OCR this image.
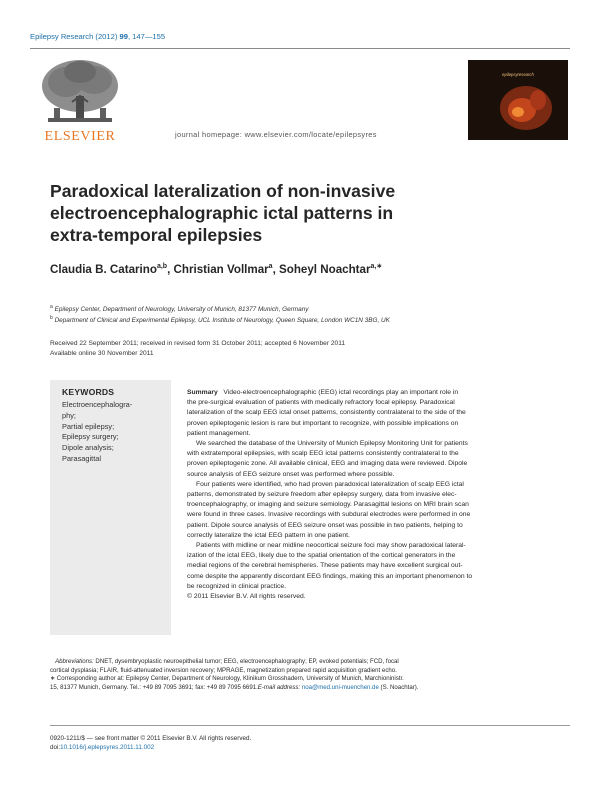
Epilepsy Research (2012) 99, 147—155
ELSEVIER	journal homepage: www.elsevier.com/locate/epilepsyres
epilepsyresearch
Paradoxical lateralization of non-invasive
electroencephalographic ictal patterns in
extra-temporal epilepsies
Claudia B. Catarino$^{a,b}$, Christian Vollmar$^a$, Soheyl Noachtar$^{a,∗}$
$^a$ Epilepsy Center, Department of Neurology, University of Munich, 81377 Munich, Germany
$^b$ Department of Clinical and Experimental Epilepsy, UCL Institute of Neurology, Queen Square, London WC1N 3BG, UK
Received 22 September 2011; received in revised form 31 October 2011; accepted 6 November 2011
Available online 30 November 2011
KEYWORDS
Electroencephalogra-
phy;
Partial epilepsy;
Epilepsy surgery;
Dipole analysis;
Parasagittal
Summary Video-electroencephalographic (EEG) ictal recordings play an important role in
the pre-surgical evaluation of patients with medically refractory focal epilepsy. Paradoxical
lateralization of the scalp EEG ictal onset patterns, consistently contralateral to the side of the
proven epileptogenic lesion is rare but important to recognize, with possible implications on
patient management.
We searched the database of the University of Munich Epilepsy Monitoring Unit for patients
with extratemporal epilepsies, with scalp EEG ictal patterns consistently contralateral to the
proven epileptogenic zone. All available clinical, EEG and imaging data were reviewed. Dipole
source analysis of EEG seizure onset was performed where possible.
Four patients were identified, who had proven paradoxical lateralization of scalp EEG ictal
patterns, demonstrated by seizure freedom after epilepsy surgery, data from invasive elec-
troencephalography, or imaging and seizure semiology. Parasagittal lesions on MRI brain scan
were found in three cases. Invasive recordings with subdural electrodes were performed in one
patient. Dipole source analysis of EEG seizure onset was possible in two patients, helping to
correctly lateralize the ictal EEG pattern in one patient.
Patients with midline or near midline neocortical seizure foci may show paradoxical lateral-
ization of the ictal EEG, likely due to the spatial orientation of the cortical generators in the
medial regions of the cerebral hemispheres. These patients may have excellent surgical out-
come despite the apparently discordant EEG findings, making this an important phenomenon to
be recognized in clinical practice.
© 2011 Elsevier B.V. All rights reserved.
Abbreviations: DNET, dysembryoplastic neuroepithelial tumor; EEG, electroencephalography; EP, evoked potentials; FCD, focal
cortical dysplasia; FLAIR, fluid-attenuated inversion recovery; MPRAGE, magnetization prepared rapid acquisition gradient echo.
∗ Corresponding author at: Epilepsy Center, Department of Neurology, Klinikum Grosshadern, University of Munich, Marchioninistr.
15, 81377 Munich, Germany. Tel.: +49 89 7095 3691; fax: +49 89 7095 6691.E-mail address: noa@med.uni-muenchen.de (S. Noachtar).
0920-1211/$ — see front matter © 2011 Elsevier B.V. All rights reserved.
doi:10.1016/j.eplepsyres.2011.11.002
